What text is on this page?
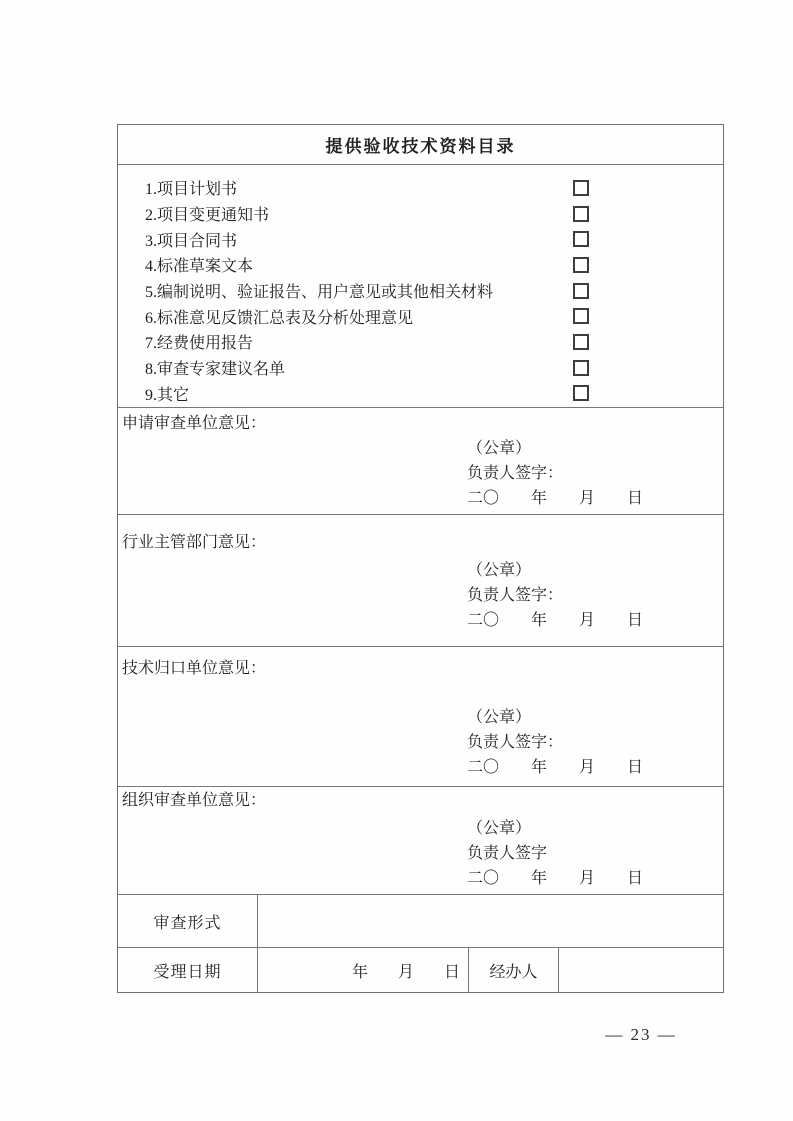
提供验收技术资料目录
1.项目计划书
2.项目变更通知书
3.项目合同书
4.标准草案文本
5.编制说明、验证报告、用户意见或其他相关材料
6.标准意见反馈汇总表及分析处理意见
7.经费使用报告
8.审查专家建议名单
9.其它
申请审查单位意见：
（公章）
负责人签字：
二〇 年 月 日
行业主管部门意见：
（公章）
负责人签字：
二〇 年 月 日
技术归口单位意见：
（公章）
负责人签字：
二〇 年 月 日
组织审查单位意见：
（公章）
负责人签字
二〇 年 月 日
审查形式
受理日期	年 月 日	经办人
— 23 —
